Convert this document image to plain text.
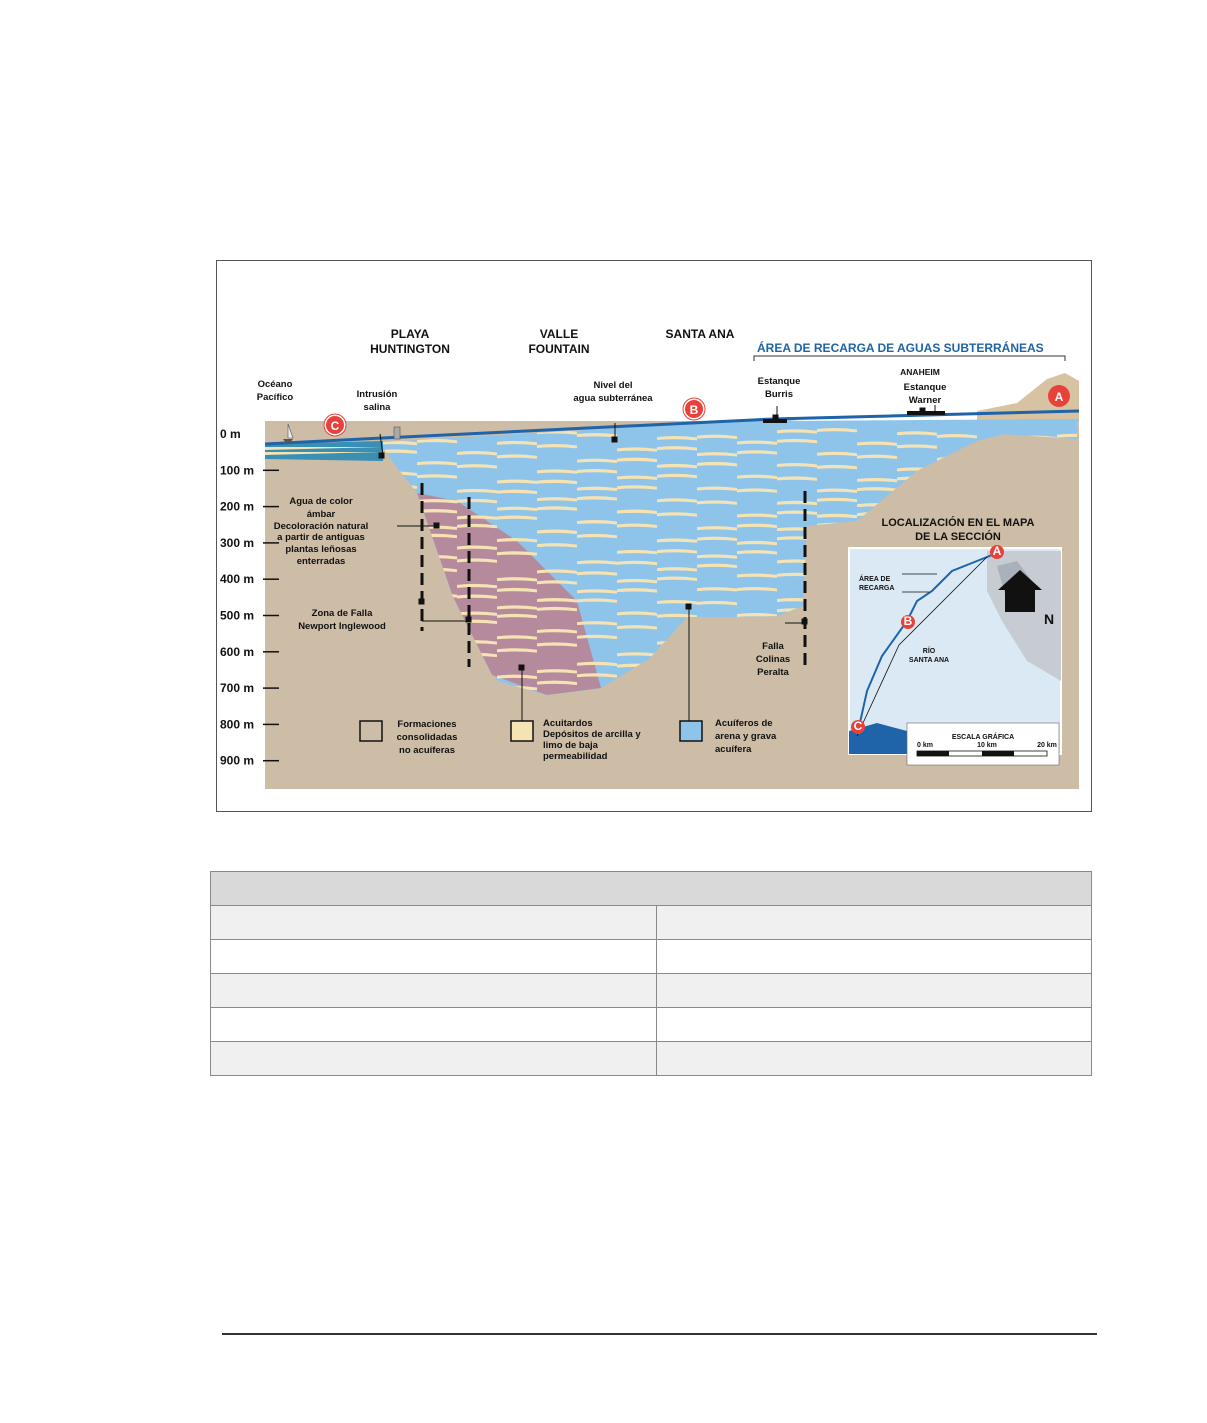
PLAYA
HUNTINGTON
VALLE
FOUNTAIN
SANTA ANA
ÁREA DE RECARGA DE AGUAS SUBTERRÁNEAS
ANAHEIM
Océano
Pacífico	Intrusión
salina
Nivel del
agua subterránea
Estanque
Burris
Estanque
Warner
Agua de color
ámbar
Decoloración natural
a partir de antiguas
plantas leñosas
enterradas
Zona de Falla
Newport Inglewood
Falla
Colinas
Peralta
A
B
C
0 m
100 m
200 m
300 m
400 m
500 m
600 m
700 m
800 m
900 m
Formaciones
consolidadas
no acuíferas
Acuitardos
Depósitos de arcilla y
limo de baja
permeabilidad
Acuíferos de
arena y grava
acuífera
LOCALIZACIÓN EN EL MAPA
DE LA SECCIÓN
N
A
B
C
ÁREA DE
RECARGA
RÍO
SANTA ANA
ESCALA GRÁFICA
0 km	10 km	20 km
